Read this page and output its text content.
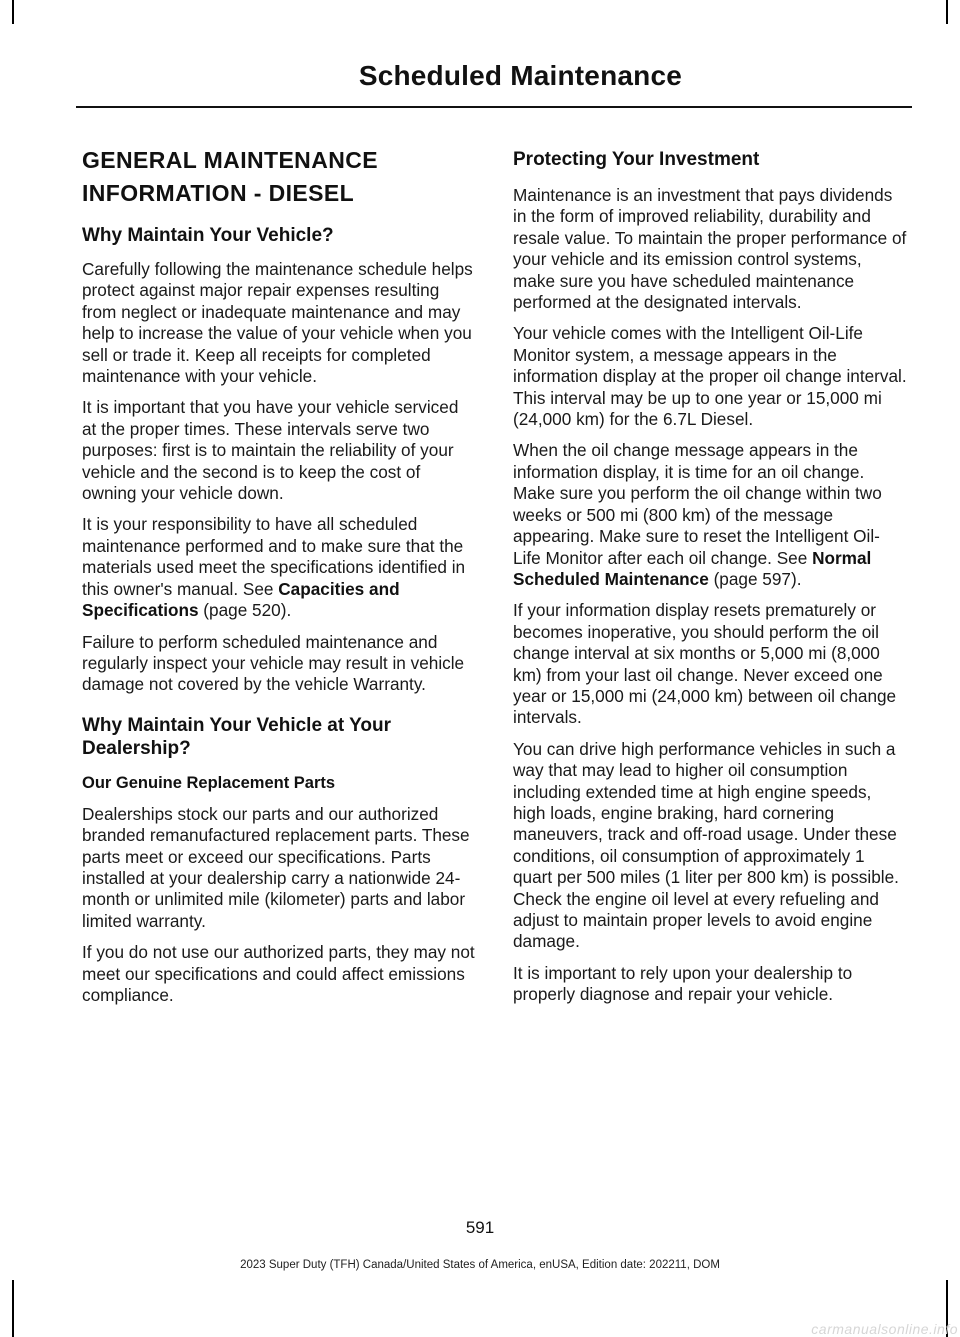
Scheduled Maintenance
GENERAL MAINTENANCE INFORMATION - DIESEL
Why Maintain Your Vehicle?

Carefully following the maintenance schedule helps protect against major repair expenses resulting from neglect or inadequate maintenance and may help to increase the value of your vehicle when you sell or trade it. Keep all receipts for completed maintenance with your vehicle.

It is important that you have your vehicle serviced at the proper times. These intervals serve two purposes: first is to maintain the reliability of your vehicle and the second is to keep the cost of owning your vehicle down.

It is your responsibility to have all scheduled maintenance performed and to make sure that the materials used meet the specifications identified in this owner's manual. See Capacities and Specifications (page 520).

Failure to perform scheduled maintenance and regularly inspect your vehicle may result in vehicle damage not covered by the vehicle Warranty.

Why Maintain Your Vehicle at Your Dealership?
Our Genuine Replacement Parts

Dealerships stock our parts and our authorized branded remanufactured replacement parts. These parts meet or exceed our specifications. Parts installed at your dealership carry a nationwide 24-month or unlimited mile (kilometer) parts and labor limited warranty.

If you do not use our authorized parts, they may not meet our specifications and could affect emissions compliance.

Protecting Your Investment

Maintenance is an investment that pays dividends in the form of improved reliability, durability and resale value. To maintain the proper performance of your vehicle and its emission control systems, make sure you have scheduled maintenance performed at the designated intervals.

Your vehicle comes with the Intelligent Oil-Life Monitor system, a message appears in the information display at the proper oil change interval. This interval may be up to one year or 15,000 mi (24,000 km) for the 6.7L Diesel.

When the oil change message appears in the information display, it is time for an oil change. Make sure you perform the oil change within two weeks or 500 mi (800 km) of the message appearing. Make sure to reset the Intelligent Oil-Life Monitor after each oil change. See Normal Scheduled Maintenance (page 597).

If your information display resets prematurely or becomes inoperative, you should perform the oil change interval at six months or 5,000 mi (8,000 km) from your last oil change. Never exceed one year or 15,000 mi (24,000 km) between oil change intervals.

You can drive high performance vehicles in such a way that may lead to higher oil consumption including extended time at high engine speeds, high loads, engine braking, hard cornering maneuvers, track and off-road usage. Under these conditions, oil consumption of approximately 1 quart per 500 miles (1 liter per 800 km) is possible. Check the engine oil level at every refueling and adjust to maintain proper levels to avoid engine damage.

It is important to rely upon your dealership to properly diagnose and repair your vehicle.

591
2023 Super Duty (TFH) Canada/United States of America, enUSA, Edition date: 202211, DOM
carmanualsonline.info
